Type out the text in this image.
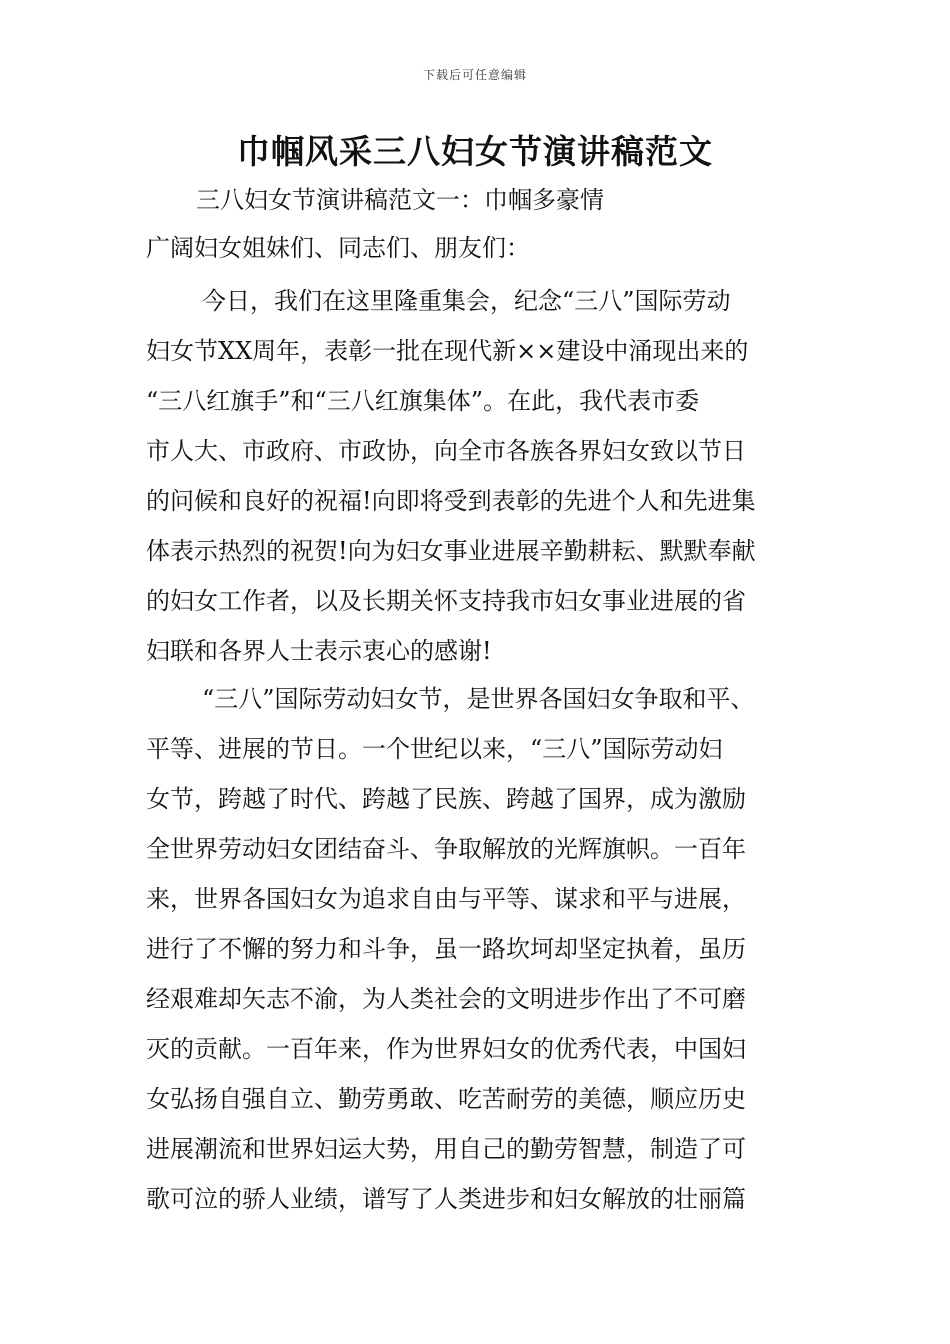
下载后可任意编辑
巾帼风采三八妇女节演讲稿范文
三八妇女节演讲稿范文一：巾帼多豪情
广阔妇女姐妹们、同志们、朋友们：
今日，我们在这里隆重集会，纪念“三八”国际劳动
妇女节XX周年，表彰一批在现代新××建设中涌现出来的
“三八红旗手”和“三八红旗集体”。在此，我代表市委
市人大、市政府、市政协，向全市各族各界妇女致以节日
的问候和良好的祝福!向即将受到表彰的先进个人和先进集
体表示热烈的祝贺!向为妇女事业进展辛勤耕耘、默默奉献
的妇女工作者，以及长期关怀支持我市妇女事业进展的省
妇联和各界人士表示衷心的感谢!
“三八”国际劳动妇女节，是世界各国妇女争取和平、
平等、进展的节日。一个世纪以来，“三八”国际劳动妇
女节，跨越了时代、跨越了民族、跨越了国界，成为激励
全世界劳动妇女团结奋斗、争取解放的光辉旗帜。一百年
来，世界各国妇女为追求自由与平等、谋求和平与进展，
进行了不懈的努力和斗争，虽一路坎坷却坚定执着，虽历
经艰难却矢志不渝，为人类社会的文明进步作出了不可磨
灭的贡献。一百年来，作为世界妇女的优秀代表，中国妇
女弘扬自强自立、勤劳勇敢、吃苦耐劳的美德，顺应历史
进展潮流和世界妇运大势，用自己的勤劳智慧，制造了可
歌可泣的骄人业绩，谱写了人类进步和妇女解放的壮丽篇
